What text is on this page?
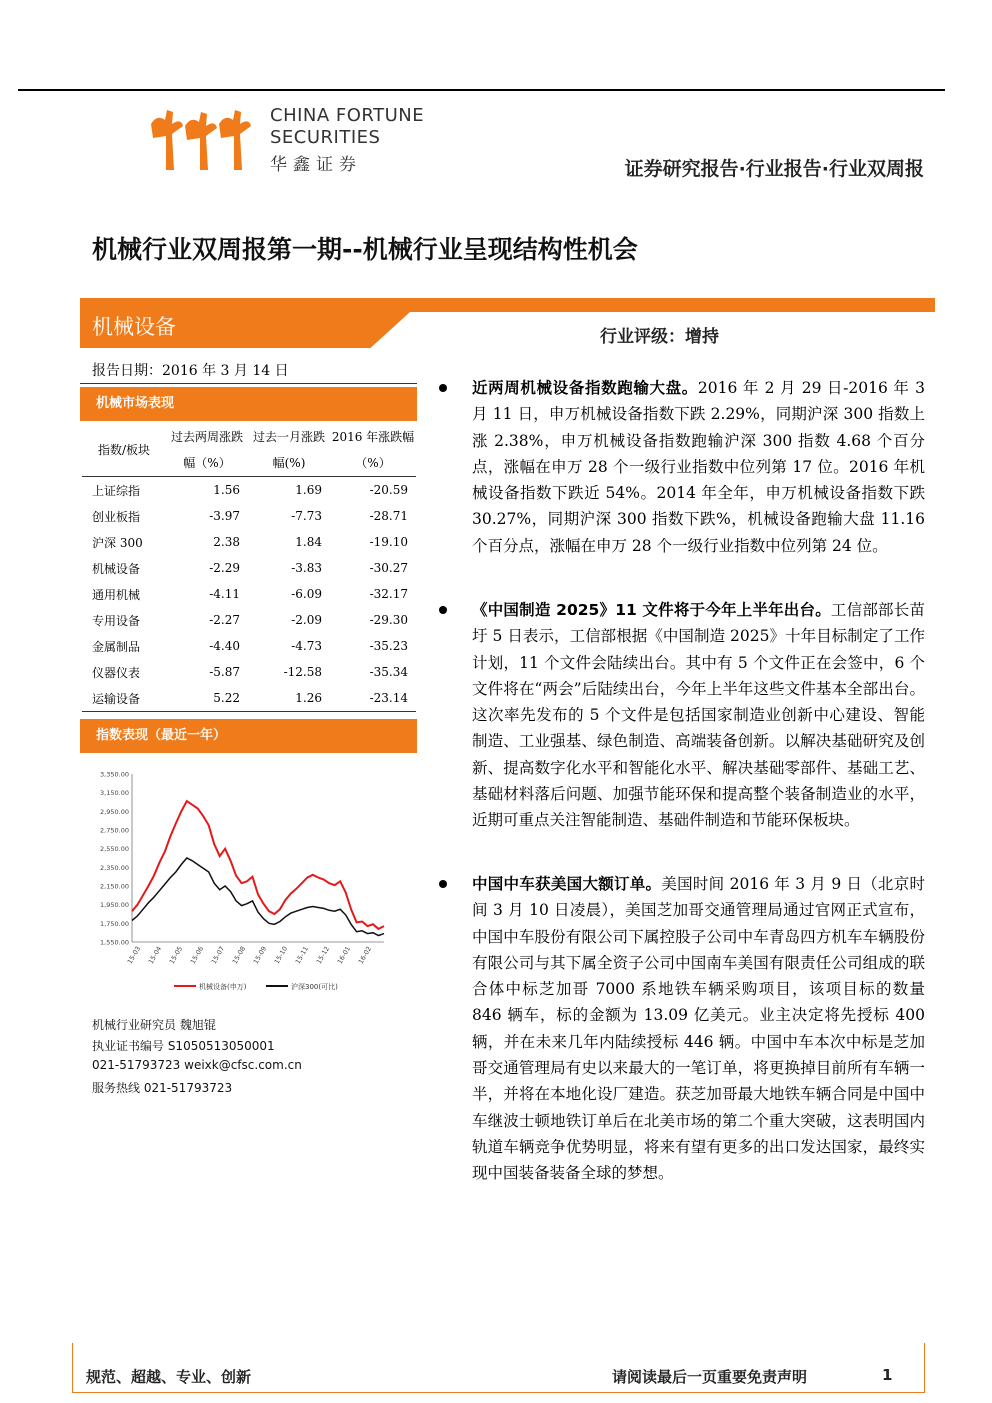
CHINA FORTUNE
SECURITIES
华鑫证券	证券研究报告·行业报告·行业双周报
机械行业双周报第一期--机械行业呈现结构性机会
机械设备	行业评级：增持
报告日期：2016 年 3 月 14 日
机械市场表现
指数/板块	过去两周涨跌幅（%）	过去一月涨跌幅(%)	2016 年涨跌幅（%）
上证综指	1.56	1.69	-20.59
创业板指	-3.97	-7.73	-28.71
沪深 300	2.38	1.84	-19.10
机械设备	-2.29	-3.83	-30.27
通用机械	-4.11	-6.09	-32.17
专用设备	-2.27	-2.09	-29.30
金属制品	-4.40	-4.73	-35.23
仪器仪表	-5.87	-12.58	-35.34
运输设备	5.22	1.26	-23.14
指数表现（最近一年）
3,350.00
3,150.00
2,950.00
2,750.00
2,550.00
2,350.00
2,150.00
1,950.00
1,750.00
1,550.00
15-03 15-04 15-05 15-06 15-07 15-08 15-09 15-10 15-11 15-12 16-01 16-02
机械设备(申万)	沪深300(可比)
机械行业研究员 魏旭锟
执业证书编号 S1050513050001
021-51793723 weixk@cfsc.com.cn
服务热线 021-51793723
近两周机械设备指数跑输大盘。2016 年 2 月 29 日-2016 年 3 月 11 日，申万机械设备指数下跌 2.29%，同期沪深 300 指数上涨 2.38%，申万机械设备指数跑输沪深 300 指数 4.68 个百分点，涨幅在申万 28 个一级行业指数中位列第 17 位。2016 年机械设备指数下跌近 54%。2014 年全年，申万机械设备指数下跌 30.27%，同期沪深 300 指数下跌%，机械设备跑输大盘 11.16 个百分点，涨幅在申万 28 个一级行业指数中位列第 24 位。
《中国制造 2025》11 文件将于今年上半年出台。工信部部长苗圩 5 日表示，工信部根据《中国制造 2025》十年目标制定了工作计划，11 个文件会陆续出台。其中有 5 个文件正在会签中，6 个文件将在“两会”后陆续出台，今年上半年这些文件基本全部出台。这次率先发布的 5 个文件是包括国家制造业创新中心建设、智能制造、工业强基、绿色制造、高端装备创新。以解决基础研究及创新、提高数字化水平和智能化水平、解决基础零部件、基础工艺、基础材料落后问题、加强节能环保和提高整个装备制造业的水平，近期可重点关注智能制造、基础件制造和节能环保板块。
中国中车获美国大额订单。美国时间 2016 年 3 月 9 日（北京时间 3 月 10 日凌晨），美国芝加哥交通管理局通过官网正式宣布，中国中车股份有限公司下属控股子公司中车青岛四方机车车辆股份有限公司与其下属全资子公司中国南车美国有限责任公司组成的联合体中标芝加哥 7000 系地铁车辆采购项目，该项目标的数量 846 辆车，标的金额为 13.09 亿美元。业主决定将先授标 400 辆，并在未来几年内陆续授标 446 辆。中国中车本次中标是芝加哥交通管理局有史以来最大的一笔订单，将更换掉目前所有车辆一半，并将在本地化设厂建造。获芝加哥最大地铁车辆合同是中国中车继波士顿地铁订单后在北美市场的第二个重大突破，这表明国内轨道车辆竞争优势明显，将来有望有更多的出口发达国家，最终实现中国装备装备全球的梦想。
规范、超越、专业、创新	请阅读最后一页重要免责声明	1
